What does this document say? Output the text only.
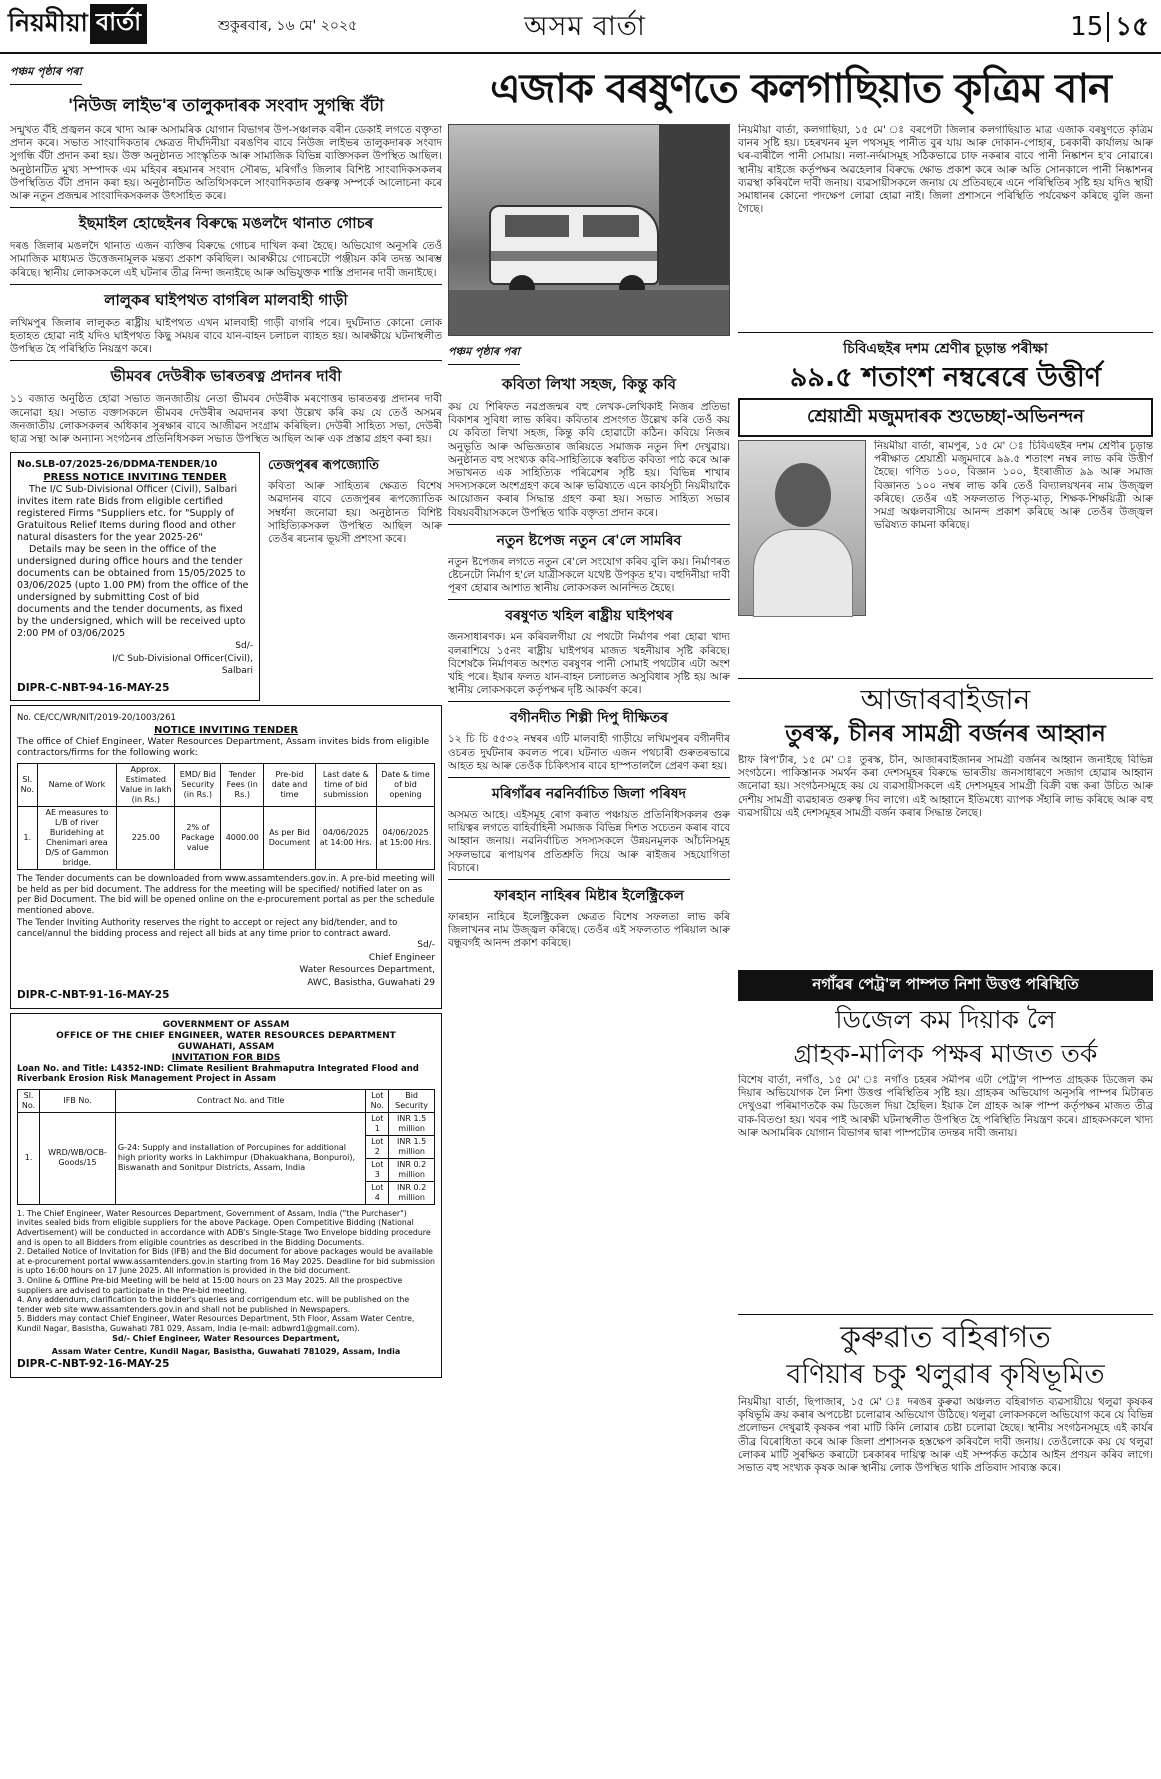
নিয়মীয়া বাৰ্তা	শুকুৰবাৰ, ১৬ মে' ২০২৫	অসম বাৰ্তা	15 ১৫
পঞ্চম পৃষ্ঠাৰ পৰা
'নিউজ লাইভ'ৰ তালুকদাৰক সংবাদ সুগন্ধি বঁটা
সন্মুখত বঁহি প্ৰজ্বলন কৰে খাদ্য আৰু অসামৰিক যোগান বিভাগৰ উপ-সঞ্চালক বৰীন ডেকাই লগতে বক্তৃতা প্ৰদান কৰে। সভাত সাংবাদিকতাৰ ক্ষেত্ৰত দীৰ্ঘদিনীয়া বৰঙণিৰ বাবে নিউজ লাইভৰ তালুকদাৰক সংবাদ সুগন্ধি বঁটা প্ৰদান কৰা হয়। উক্ত অনুষ্ঠানত সাংস্কৃতিক আৰু সামাজিক বিভিন্ন ব্যক্তিসকল উপস্থিত আছিল। অনুষ্ঠানটিত মুখ্য সম্পাদক এম মহিবৰ ৰহমানৰ সংবাদ সৌৰভ, মৰিগাঁও জিলাৰ বিশিষ্ট সাংবাদিকসকলৰ উপস্থিতিত বঁটা প্ৰদান কৰা হয়। অনুষ্ঠানটিত অতিথিসকলে সাংবাদিকতাৰ গুৰুত্ব সম্পৰ্কে আলোচনা কৰে আৰু নতুন প্ৰজন্মৰ সাংবাদিকসকলক উৎসাহিত কৰে।
ইছমাইল হোছেইনৰ বিৰুদ্ধে মঙলদৈ থানাত গোচৰ
দৰঙ জিলাৰ মঙলদৈ থানাত এজন ব্যক্তিৰ বিৰুদ্ধে গোচৰ দাখিল কৰা হৈছে। অভিযোগ অনুসৰি তেওঁ সামাজিক মাধ্যমত উত্তেজনামূলক মন্তব্য প্ৰকাশ কৰিছিল। আৰক্ষীয়ে গোচৰটো পঞ্জীয়ন কৰি তদন্ত আৰম্ভ কৰিছে। স্থানীয় লোকসকলে এই ঘটনাৰ তীব্ৰ নিন্দা জনাইছে আৰু অভিযুক্তক শাস্তি প্ৰদানৰ দাবী জনাইছে।
লালুকৰ ঘাইপথত বাগৰিল মালবাহী গাড়ী
লখিমপুৰ জিলাৰ লালুকত ৰাষ্ট্ৰীয় ঘাইপথত এখন মালবাহী গাড়ী বাগৰি পৰে। দুৰ্ঘটনাত কোনো লোক হতাহত হোৱা নাই যদিও ঘাইপথত কিছু সময়ৰ বাবে যান-বাহন চলাচল ব্যাহত হয়। আৰক্ষীয়ে ঘটনাস্থলীত উপস্থিত হৈ পৰিস্থিতি নিয়ন্ত্ৰণ কৰে।
ভীমবৰ দেউৰীক ভাৰতৰত্ন প্ৰদানৰ দাবী
১১ বজাত অনুষ্ঠিত হোৱা সভাত জনজাতীয় নেতা ভীমবৰ দেউৰীক মৰণোত্তৰ ভাৰতৰত্ন প্ৰদানৰ দাবী জনোৱা হয়। সভাত বক্তাসকলে ভীমবৰ দেউৰীৰ অৱদানৰ কথা উল্লেখ কৰি কয় যে তেওঁ অসমৰ জনজাতীয় লোকসকলৰ অধিকাৰ সুৰক্ষাৰ বাবে আজীৱন সংগ্ৰাম কৰিছিল। দেউৰী সাহিত্য সভা, দেউৰী ছাত্ৰ সন্থা আৰু অন্যান্য সংগঠনৰ প্ৰতিনিধিসকল সভাত উপস্থিত আছিল আৰু এক প্ৰস্তাৱ গ্ৰহণ কৰা হয়।
No.SLB-07/2025-26/DDMA-TENDER/10
PRESS NOTICE INVITING TENDER
The I/C Sub-Divisional Officer (Civil), Salbari invites item rate Bids from eligible certified registered Firms "Suppliers etc. for "Supply of Gratuitous Relief Items during flood and other natural disasters for the year 2025-26"
Details may be seen in the office of the undersigned during office hours and the tender documents can be obtained from 15/05/2025 to 03/06/2025 (upto 1.00 PM) from the office of the undersigned by submitting Cost of bid documents and the tender documents, as fixed by the undersigned, which will be received upto 2:00 PM of 03/06/2025
Sd/-
I/C Sub-Divisional Officer(Civil),
Salbari
DIPR-C-NBT-94-16-MAY-25
তেজপুৰৰ ৰূপজ্যোতি
কবিতা আৰু সাহিত্যৰ ক্ষেত্ৰত বিশেষ অৱদানৰ বাবে তেজপুৰৰ ৰূপজ্যোতিক সম্বৰ্ধনা জনোৱা হয়। অনুষ্ঠানত বিশিষ্ট সাহিত্যিকসকল উপস্থিত আছিল আৰু তেওঁৰ ৰচনাৰ ভূয়সী প্ৰশংসা কৰে।
No. CE/CC/WR/NIT/2019-20/1003/261
NOTICE INVITING TENDER
The office of Chief Engineer, Water Resources Department, Assam invites bids from eligible contractors/firms for the following work:
Sl. No.	Name of Work	Approx. Estimated Value in lakh (in Rs.)	EMD/ Bid Security (in Rs.)	Tender Fees (in Rs.)	Pre-bid date and time	Last date & time of bid submission	Date & time of bid opening
1.	AE measures to L/B of river Buridehing at Chenimari area D/S of Gammon bridge.	225.00	2% of Package value	4000.00	As per Bid Document	04/06/2025 at 14:00 Hrs.	04/06/2025 at 15:00 Hrs.
The Tender documents can be downloaded from www.assamtenders.gov.in. A pre-bid meeting will be held as per bid document. The address for the meeting will be specified/ notified later on as per Bid Document. The bid will be opened online on the e-procurement portal as per the schedule mentioned above.
The Tender Inviting Authority reserves the right to accept or reject any bid/tender, and to cancel/annul the bidding process and reject all bids at any time prior to contract award.
Sd/-
Chief Engineer
Water Resources Department,
AWC, Basistha, Guwahati 29
DIPR-C-NBT-91-16-MAY-25
GOVERNMENT OF ASSAM
OFFICE OF THE CHIEF ENGINEER, WATER RESOURCES DEPARTMENT
GUWAHATI, ASSAM
INVITATION FOR BIDS
Loan No. and Title: L4352-IND: Climate Resilient Brahmaputra Integrated Flood and Riverbank Erosion Risk Management Project in Assam
Sl. No.	IFB No.	Contract No. and Title	Lot No.	Bid Security
1.	WRD/WB/OCB-Goods/15	G-24: Supply and installation of Porcupines for additional high priority works in Lakhimpur (Dhakuakhana, Bonpuroi), Biswanath and Sonitpur Districts, Assam, India	Lot 1	INR 1.5 million
			Lot 2	INR 1.5 million
			Lot 3	INR 0.2 million
			Lot 4	INR 0.2 million
1. The Chief Engineer, Water Resources Department, Government of Assam, India ("the Purchaser") invites sealed bids from eligible suppliers for the above Package. Open Competitive Bidding (National Advertisement) will be conducted in accordance with ADB's Single-Stage Two Envelope bidding procedure and is open to all Bidders from eligible countries as described in the Bidding Documents.
2. Detailed Notice of Invitation for Bids (IFB) and the Bid document for above packages would be available at e-procurement portal www.assamtenders.gov.in starting from 16 May 2025. Deadline for bid submission is upto 16:00 hours on 17 June 2025. All information is provided in the bid document.
3. Online & Offline Pre-bid Meeting will be held at 15:00 hours on 23 May 2025. All the prospective suppliers are advised to participate in the Pre-bid meeting.
4. Any addendum, clarification to the bidder's queries and corrigendum etc. will be published on the tender web site www.assamtenders.gov.in and shall not be published in Newspapers.
5. Bidders may contact Chief Engineer, Water Resources Department, 5th Floor, Assam Water Centre, Kundil Nagar, Basistha, Guwahati 781 029, Assam, India (e-mail: adbwrd1@gmail.com).
Sd/- Chief Engineer, Water Resources Department,
Assam Water Centre, Kundil Nagar, Basistha, Guwahati 781029, Assam, India
DIPR-C-NBT-92-16-MAY-25
এজাক বৰষুণতে কলগাছিয়াত কৃত্ৰিম বান
পঞ্চম পৃষ্ঠাৰ পৰা
কবিতা লিখা সহজ, কিন্তু কবি
কয় যে শিৰিফত নৱপ্ৰজন্মৰ বহু লেখক-লেখিকাই নিজৰ প্ৰতিভা বিকাশৰ সুবিধা লাভ কৰিব। কবিতাৰ প্ৰসংগত উল্লেখ কৰি তেওঁ কয় যে কবিতা লিখা সহজ, কিন্তু কবি হোৱাটো কঠিন। কবিয়ে নিজৰ অনুভূতি আৰু অভিজ্ঞতাৰ জৰিয়তে সমাজক নতুন দিশ দেখুৱায়। অনুষ্ঠানত বহু সংখ্যক কবি-সাহিত্যিকে স্বৰচিত কবিতা পাঠ কৰে আৰু সভাখনত এক সাহিত্যিক পৰিৱেশৰ সৃষ্টি হয়। বিভিন্ন শাখাৰ সদস্যসকলে অংশগ্ৰহণ কৰে আৰু ভৱিষ্যতে এনে কাৰ্যসূচী নিয়মীয়াকৈ আয়োজন কৰাৰ সিদ্ধান্ত গ্ৰহণ কৰা হয়। সভাত সাহিত্য সভাৰ বিষয়ববীয়াসকলে উপস্থিত থাকি বক্তৃতা প্ৰদান কৰে।
নতুন ষ্টপেজ নতুন ৰে'লে সামৰিব
নতুন ষ্টপেজৰ লগতে নতুন ৰে'লে সংযোগ কৰিব বুলি কয়। নিৰ্মাণৰত ষ্টেচনটো নিৰ্মাণ হ'লে যাত্ৰীসকলে যথেষ্ট উপকৃত হ'ব। বহুদিনীয়া দাবী পূৰণ হোৱাৰ আশাত স্থানীয় লোকসকল আনন্দিত হৈছে।
বৰষুণত খহিল ৰাষ্ট্ৰীয় ঘাইপথৰ
জনসাধাৰণক। মন কৰিবলগীয়া যে পথটো নিৰ্মাণৰ পৰা হোৱা খাদ্য বলৰাশিয়ে ১৫নং ৰাষ্ট্ৰীয় ঘাইপথৰ মাজত খহনীয়াৰ সৃষ্টি কৰিছে। বিশেষকৈ নিৰ্মাণৰত অংশত বৰষুণৰ পানী সোমাই পথটোৰ এটা অংশ খহি পৰে। ইয়াৰ ফলত যান-বাহন চলাচলত অসুবিধাৰ সৃষ্টি হয় আৰু স্থানীয় লোকসকলে কৰ্তৃপক্ষৰ দৃষ্টি আকৰ্ষণ কৰে।
বগীনদীত শিল্পী দিপু দীক্ষিতৰ
১২ চি চি ৫৫৩২ নম্বৰৰ এটি মালবাহী গাড়ীয়ে লখিমপুৰৰ বগীনদীৰ ওচৰত দুৰ্ঘটনাৰ কবলত পৰে। ঘটনাত এজন পথচাৰী গুৰুতৰভাৱে আহত হয় আৰু তেওঁক চিকিৎসাৰ বাবে হাস্পতাললৈ প্ৰেৰণ কৰা হয়।
মৰিগাঁৱৰ নৱনিৰ্বাচিত জিলা পৰিষদ
অসমত আহে। এইসমূহ ৰোগ কৰাত পঞ্চায়ত প্ৰতিনিধিসকলৰ গুৰু দায়িত্বৰ লগতে বাহিৰ্বাহিনী সমাজক বিভিন্ন দিশত সচেতন কৰাৰ বাবে আহ্বান জনায়। নৱনিৰ্বাচিত সদস্যসকলে উন্নয়নমূলক আঁচনিসমূহ সফলভাৱে ৰূপায়ণৰ প্ৰতিশ্ৰুতি দিয়ে আৰু ৰাইজৰ সহযোগিতা বিচাৰে।
ফাৰহান নাহিৰৰ মিষ্টাৰ ইলেক্ট্ৰিকেল
ফাৰহান নাহিৰে ইলেক্ট্ৰিকেল ক্ষেত্ৰত বিশেষ সফলতা লাভ কৰি জিলাখনৰ নাম উজ্জ্বল কৰিছে। তেওঁৰ এই সফলতাত পৰিয়াল আৰু বন্ধুবৰ্গই আনন্দ প্ৰকাশ কৰিছে।
নিয়মীয়া বাৰ্তা, কলগাছিয়া, ১৫ মে' ঃ বৰপেটা জিলাৰ কলগাছিয়াত মাত্ৰ এজাক বৰষুণতে কৃত্ৰিম বানৰ সৃষ্টি হয়। চহৰখনৰ মূল পথসমূহ পানীত বুৰ যায় আৰু দোকান-পোহাৰ, চৰকাৰী কাৰ্যালয় আৰু ঘৰ-বাৰীলৈ পানী সোমায়। নলা-নৰ্দমাসমূহ সঠিকভাৱে চাফ নকৰাৰ বাবে পানী নিষ্কাশন হ'ব নোৱাৰে। স্থানীয় ৰাইজে কৰ্তৃপক্ষৰ অৱহেলাৰ বিৰুদ্ধে ক্ষোভ প্ৰকাশ কৰে আৰু অতি সোনকালে পানী নিষ্কাশনৰ ব্যৱস্থা কৰিবলৈ দাবী জনায়। ব্যৱসায়ীসকলে জনায় যে প্ৰতিবছৰে এনে পৰিস্থিতিৰ সৃষ্টি হয় যদিও স্থায়ী সমাধানৰ কোনো পদক্ষেপ লোৱা হোৱা নাই। জিলা প্ৰশাসনে পৰিস্থিতি পৰ্যবেক্ষণ কৰিছে বুলি জনা গৈছে।
চিবিএছইৰ দশম শ্ৰেণীৰ চূড়ান্ত পৰীক্ষা
৯৯.৫ শতাংশ নম্বৰেৰে উত্তীৰ্ণ
শ্ৰেয়াশ্ৰী মজুমদাৰক শুভেচ্ছা-অভিনন্দন
নিয়মীয়া বাৰ্তা, ৰামপুৰ, ১৫ মে' ঃ চিবিএছইৰ দশম শ্ৰেণীৰ চূড়ান্ত পৰীক্ষাত শ্ৰেয়াশ্ৰী মজুমদাৰে ৯৯.৫ শতাংশ নম্বৰ লাভ কৰি উত্তীৰ্ণ হৈছে। গণিত ১০০, বিজ্ঞান ১০০, ইংৰাজীত ৯৯ আৰু সমাজ বিজ্ঞানত ১০০ নম্বৰ লাভ কৰি তেওঁ বিদ্যালয়খনৰ নাম উজ্জ্বল কৰিছে। তেওঁৰ এই সফলতাত পিতৃ-মাতৃ, শিক্ষক-শিক্ষয়িত্ৰী আৰু সমগ্ৰ অঞ্চলবাসীয়ে আনন্দ প্ৰকাশ কৰিছে আৰু তেওঁৰ উজ্জ্বল ভৱিষ্যত কামনা কৰিছে।
আজাৰবাইজান
তুৰস্ক, চীনৰ সামগ্ৰী বৰ্জনৰ আহ্বান
ষ্টাফ ৰিপ'ৰ্টাৰ, ১৫ মে' ঃ তুৰস্ক, চীন, আজাৰবাইজানৰ সামগ্ৰী বৰ্জনৰ আহ্বান জনাইছে বিভিন্ন সংগঠনে। পাকিস্তানক সমৰ্থন কৰা দেশসমূহৰ বিৰুদ্ধে ভাৰতীয় জনসাধাৰণে সজাগ হোৱাৰ আহ্বান জনোৱা হয়। সংগঠনসমূহে কয় যে ব্যৱসায়ীসকলে এই দেশসমূহৰ সামগ্ৰী বিক্ৰী বন্ধ কৰা উচিত আৰু দেশীয় সামগ্ৰী ব্যৱহাৰত গুৰুত্ব দিব লাগে। এই আহ্বানে ইতিমধ্যে ব্যাপক সঁহাৰি লাভ কৰিছে আৰু বহু ব্যৱসায়ীয়ে এই দেশসমূহৰ সামগ্ৰী বৰ্জন কৰাৰ সিদ্ধান্ত লৈছে।
নগাঁৱৰ পেট্ৰ'ল পাম্পত নিশা উত্তপ্ত পৰিস্থিতি
ডিজেল কম দিয়াক লৈ
গ্ৰাহক-মালিক পক্ষৰ মাজত তৰ্ক
বিশেষ বাৰ্তা, নগাঁও, ১৫ মে' ঃ নগাঁও চহৰৰ সমীপৰ এটা পেট্ৰ'ল পাম্পত গ্ৰাহকক ডিজেল কম দিয়াৰ অভিযোগক লৈ নিশা উত্তপ্ত পৰিস্থিতিৰ সৃষ্টি হয়। গ্ৰাহকৰ অভিযোগ অনুসৰি পাম্পৰ মিটাৰত দেখুওৱা পৰিমাণতকৈ কম ডিজেল দিয়া হৈছিল। ইয়াক লৈ গ্ৰাহক আৰু পাম্প কৰ্তৃপক্ষৰ মাজত তীব্ৰ বাক-বিতণ্ডা হয়। খবৰ পাই আৰক্ষী ঘটনাস্থলীত উপস্থিত হৈ পৰিস্থিতি নিয়ন্ত্ৰণ কৰে। গ্ৰাহকসকলে খাদ্য আৰু অসামৰিক যোগান বিভাগৰ দ্বাৰা পাম্পটোৰ তদন্তৰ দাবী জনায়।
কুৰুৱাত বহিৰাগত
বণিয়াৰ চকু থলুৱাৰ কৃষিভূমিত
নিয়মীয়া বাৰ্তা, ছিপাজাৰ, ১৫ মে' ঃ দৰঙৰ কুৰুৱা অঞ্চলত বহিৰাগত ব্যৱসায়ীয়ে থলুৱা কৃষকৰ কৃষিভূমি ক্ৰয় কৰাৰ অপচেষ্টা চলোৱাৰ অভিযোগ উঠিছে। থলুৱা লোকসকলে অভিযোগ কৰে যে বিভিন্ন প্ৰলোভন দেখুৱাই কৃষকৰ পৰা মাটি কিনি লোৱাৰ চেষ্টা চলোৱা হৈছে। স্থানীয় সংগঠনসমূহে এই কাৰ্যৰ তীব্ৰ বিৰোধিতা কৰে আৰু জিলা প্ৰশাসনক হস্তক্ষেপ কৰিবলৈ দাবী জনায়। তেওঁলোকে কয় যে থলুৱা লোকৰ মাটি সুৰক্ষিত কৰাটো চৰকাৰৰ দায়িত্ব আৰু এই সম্পৰ্কত কঠোৰ আইন প্ৰণয়ন কৰিব লাগে। সভাত বহু সংখ্যক কৃষক আৰু স্থানীয় লোক উপস্থিত থাকি প্ৰতিবাদ সাব্যস্ত কৰে।
